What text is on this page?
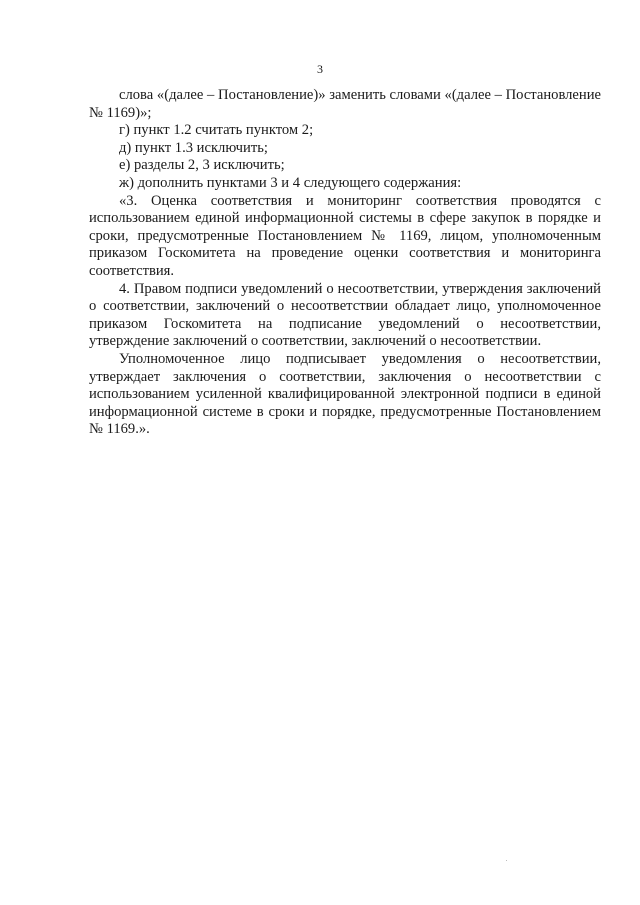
3

слова «(далее – Постановление)» заменить словами «(далее – Постановление № 1169)»;

г) пункт 1.2 считать пунктом 2;

д) пункт 1.3 исключить;

е) разделы 2, 3 исключить;

ж) дополнить пунктами 3 и 4 следующего содержания:

«3. Оценка соответствия и мониторинг соответствия проводятся с использованием единой информационной системы в сфере закупок в порядке и сроки, предусмотренные Постановлением № 1169, лицом, уполномоченным приказом Госкомитета на проведение оценки соответствия и мониторинга соответствия.

4. Правом подписи уведомлений о несоответствии, утверждения заключений о соответствии, заключений о несоответствии обладает лицо, уполномоченное приказом Госкомитета на подписание уведомлений о несоответствии, утверждение заключений о соответствии, заключений о несоответствии.

Уполномоченное лицо подписывает уведомления о несоответствии, утверждает заключения о соответствии, заключения о несоответствии с использованием усиленной квалифицированной электронной подписи в единой информационной системе в сроки и порядке, предусмотренные Постановлением № 1169.».
